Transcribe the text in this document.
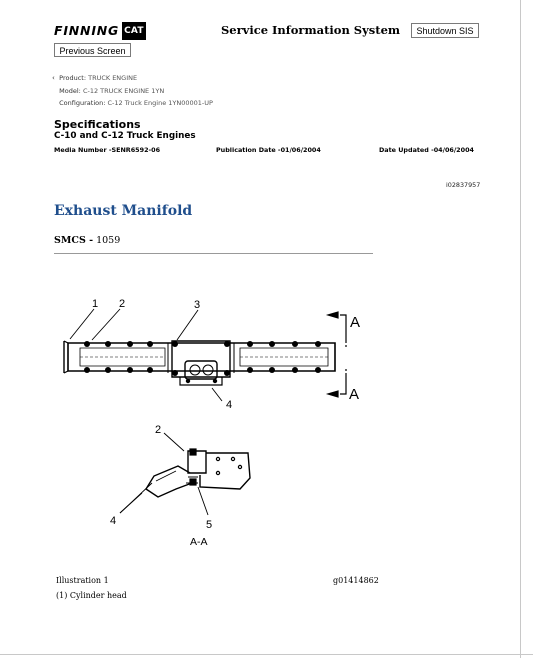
FINNING CAT	Service Information System	Shutdown SIS
Previous Screen
‹ Product: TRUCK ENGINE
Model: C-12 TRUCK ENGINE 1YN
Configuration: C-12 Truck Engine 1YN00001-UP
Specifications
C-10 and C-12 Truck Engines
Media Number -SENR6592-06	Publication Date -01/06/2004	Date Updated -04/06/2004
i02837957
Exhaust Manifold
SMCS - 1059
1 2	3
4
A
A
2
4	5
A-A
Illustration 1	g01414862
(1) Cylinder head
